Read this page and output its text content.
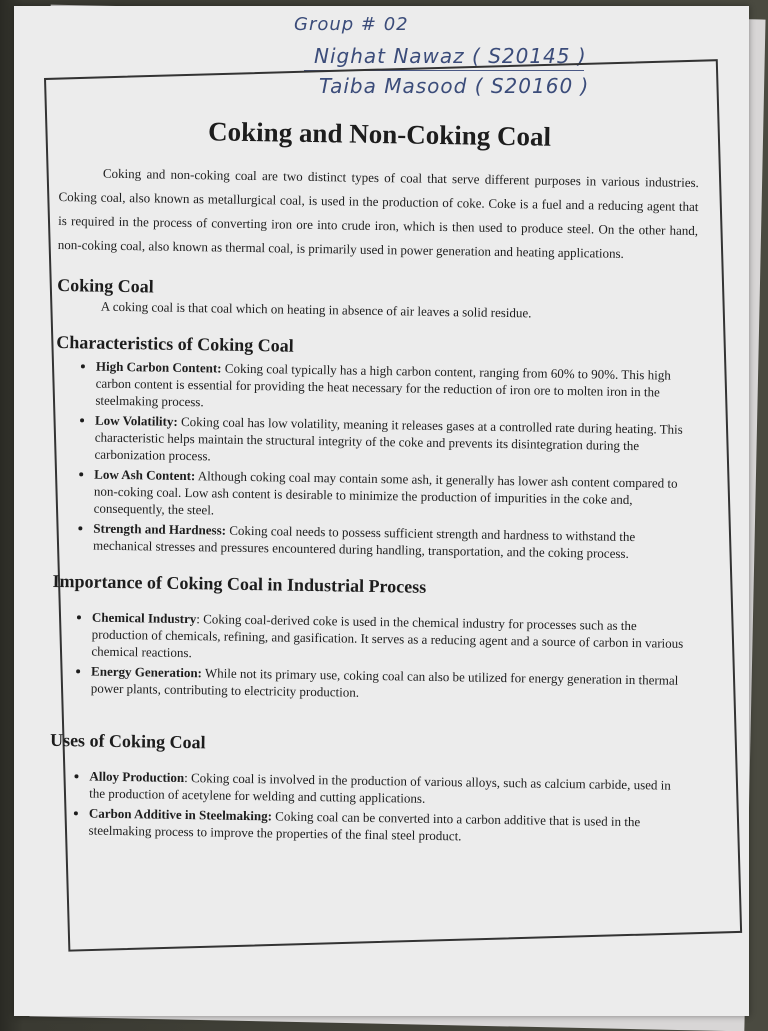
Group # 02
Nighat Nawaz ( S20145 )
Taiba Masood ( S20160 )
Coking and Non-Coking Coal

Coking and non-coking coal are two distinct types of coal that serve different purposes in various industries. Coking coal, also known as metallurgical coal, is used in the production of coke. Coke is a fuel and a reducing agent that is required in the process of converting iron ore into crude iron, which is then used to produce steel. On the other hand, non-coking coal, also known as thermal coal, is primarily used in power generation and heating applications.

Coking Coal
A coking coal is that coal which on heating in absence of air leaves a solid residue.
Characteristics of Coking Coal
• High Carbon Content: Coking coal typically has a high carbon content, ranging from 60% to 90%. This high carbon content is essential for providing the heat necessary for the reduction of iron ore to molten iron in the steelmaking process.
• Low Volatility: Coking coal has low volatility, meaning it releases gases at a controlled rate during heating. This characteristic helps maintain the structural integrity of the coke and prevents its disintegration during the carbonization process.
• Low Ash Content: Although coking coal may contain some ash, it generally has lower ash content compared to non-coking coal. Low ash content is desirable to minimize the production of impurities in the coke and, consequently, the steel.
• Strength and Hardness: Coking coal needs to possess sufficient strength and hardness to withstand the mechanical stresses and pressures encountered during handling, transportation, and the coking process.
Importance of Coking Coal in Industrial Process
• Chemical Industry: Coking coal-derived coke is used in the chemical industry for processes such as the production of chemicals, refining, and gasification. It serves as a reducing agent and a source of carbon in various chemical reactions.
• Energy Generation: While not its primary use, coking coal can also be utilized for energy generation in thermal power plants, contributing to electricity production.
Uses of Coking Coal
• Alloy Production: Coking coal is involved in the production of various alloys, such as calcium carbide, used in the production of acetylene for welding and cutting applications.
• Carbon Additive in Steelmaking: Coking coal can be converted into a carbon additive that is used in the steelmaking process to improve the properties of the final steel product.
